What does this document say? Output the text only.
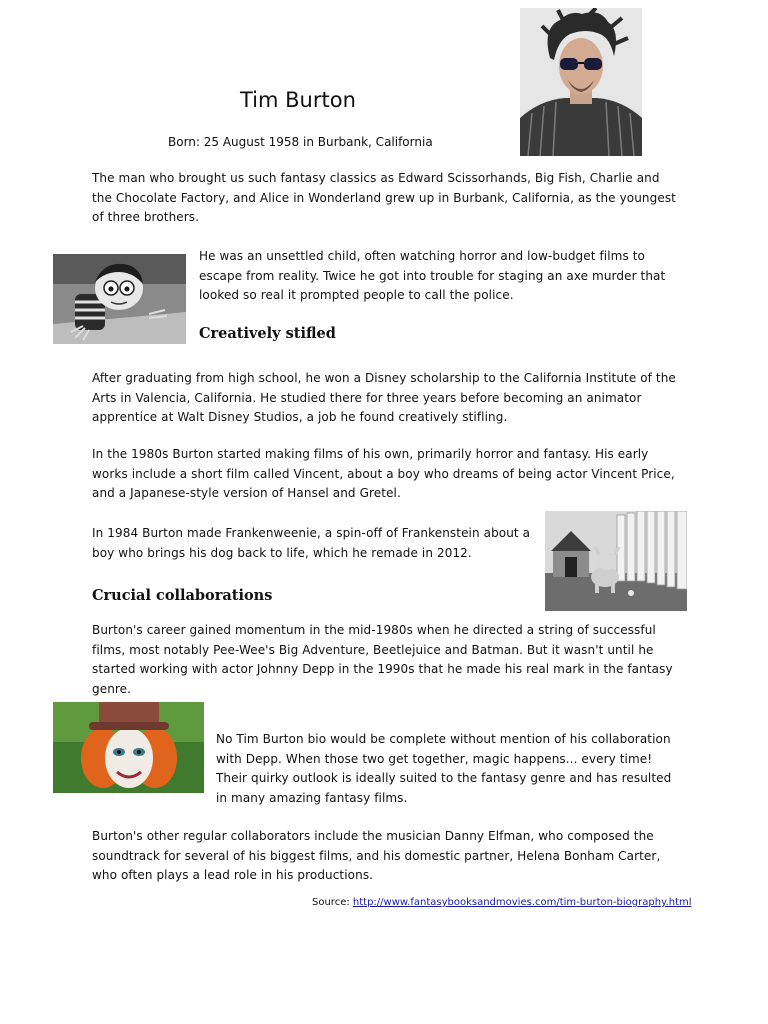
Tim Burton
Born: 25 August 1958 in Burbank, California
The man who brought us such fantasy classics as Edward Scissorhands, Big Fish, Charlie and the Chocolate Factory, and Alice in Wonderland grew up in Burbank, California, as the youngest of three brothers.
He was an unsettled child, often watching horror and low-budget films to escape from reality. Twice he got into trouble for staging an axe murder that looked so real it prompted people to call the police.
Creatively stifled
After graduating from high school, he won a Disney scholarship to the California Institute of the Arts in Valencia, California. He studied there for three years before becoming an animator apprentice at Walt Disney Studios, a job he found creatively stifling.
In the 1980s Burton started making films of his own, primarily horror and fantasy. His early works include a short film called Vincent, about a boy who dreams of being actor Vincent Price, and a Japanese-style version of Hansel and Gretel.
In 1984 Burton made Frankenweenie, a spin-off of Frankenstein about a boy who brings his dog back to life, which he remade in 2012.
Crucial collaborations
Burton's career gained momentum in the mid-1980s when he directed a string of successful films, most notably Pee-Wee's Big Adventure, Beetlejuice and Batman. But it wasn't until he started working with actor Johnny Depp in the 1990s that he made his real mark in the fantasy genre.
No Tim Burton bio would be complete without mention of his collaboration with Depp. When those two get together, magic happens... every time! Their quirky outlook is ideally suited to the fantasy genre and has resulted in many amazing fantasy films.
Burton's other regular collaborators include the musician Danny Elfman, who composed the soundtrack for several of his biggest films, and his domestic partner, Helena Bonham Carter, who often plays a lead role in his productions.
Source: http://www.fantasybooksandmovies.com/tim-burton-biography.html
